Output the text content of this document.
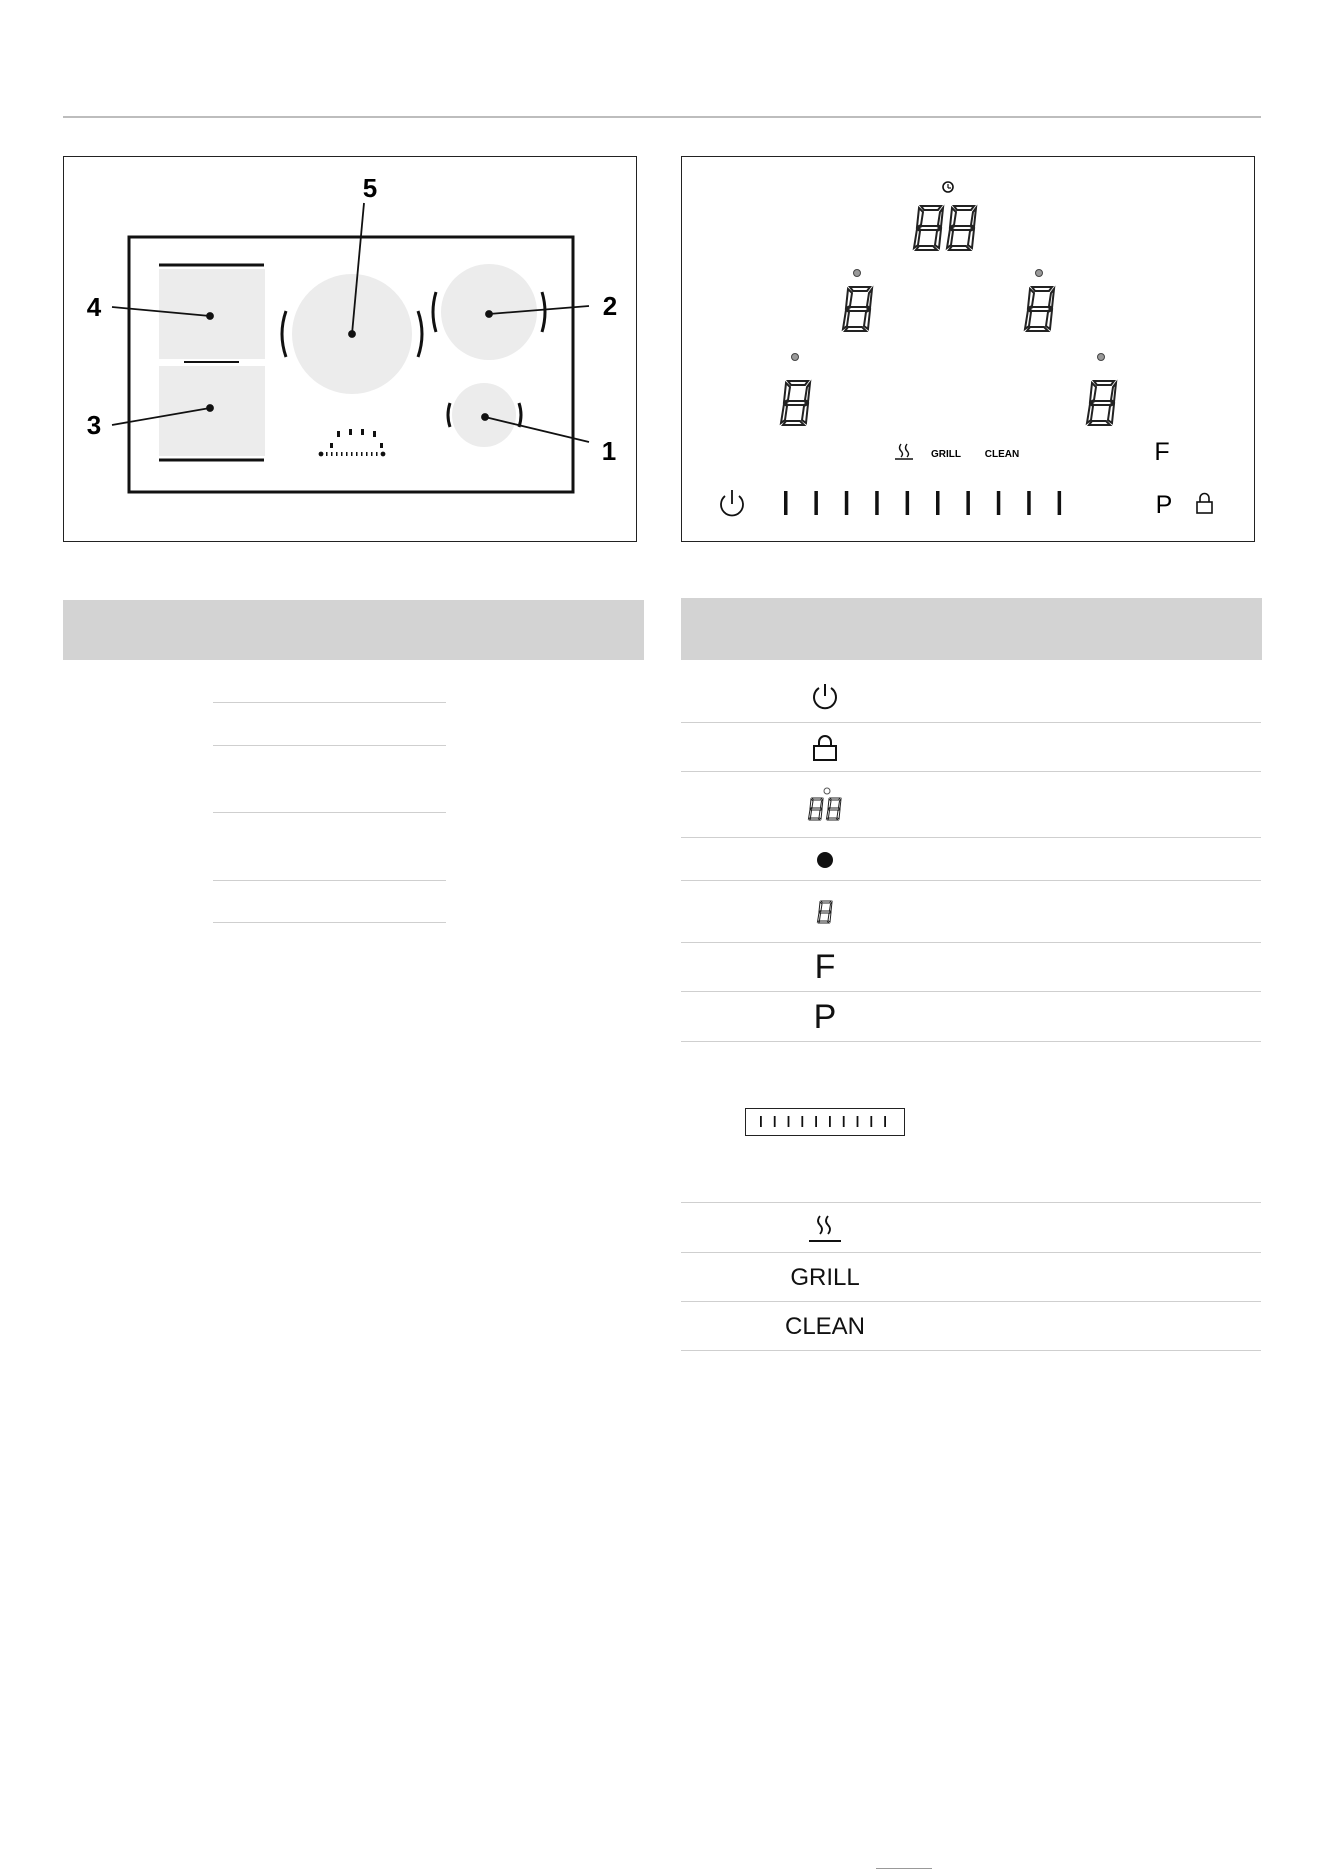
5
4
3
2
1	GRILL CLEAN	F
P
F
P
GRILL
CLEAN
